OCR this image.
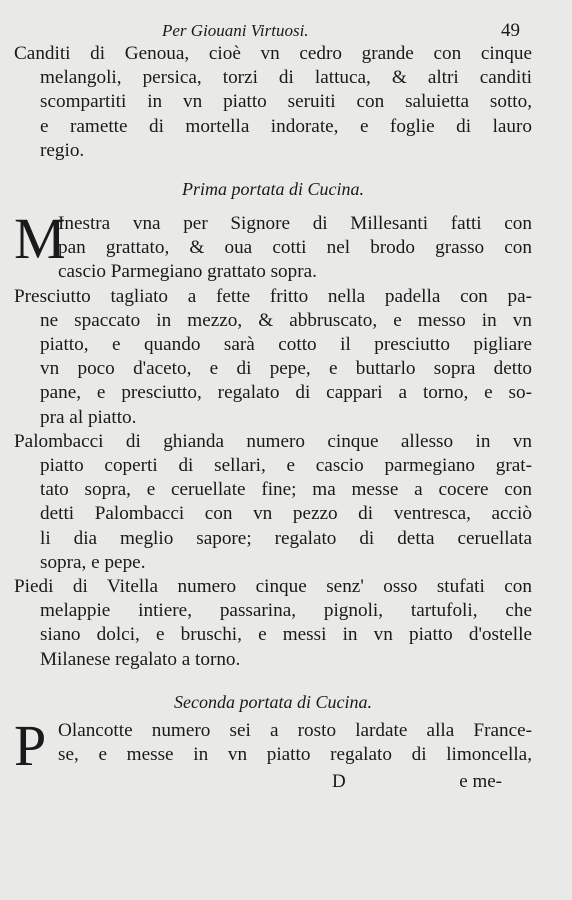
Per Giouani Virtuosi.	49
Canditi di Genoua, cioè vn cedro grande con cinque
melangoli, persica, torzi di lattuca, & altri canditi
scompartiti in vn piatto seruiti con saluietta sotto,
e ramette di mortella indorate, e foglie di lauro
regio.
Prima portata di Cucina.
M
Inestra vna per Signore di Millesanti fatti con
pan grattato, & oua cotti nel brodo grasso con
cascio Parmegiano grattato sopra.
Presciutto tagliato a fette fritto nella padella con pa-
ne spaccato in mezzo, & abbruscato, e messo in vn
piatto, e quando sarà cotto il presciutto pigliare
vn poco d'aceto, e di pepe, e buttarlo sopra detto
pane, e presciutto, regalato di cappari a torno, e so-
pra al piatto.
Palombacci di ghianda numero cinque allesso in vn
piatto coperti di sellari, e cascio parmegiano grat-
tato sopra, e ceruellate fine; ma messe a cocere con
detti Palombacci con vn pezzo di ventresca, acciò
li dia meglio sapore; regalato di detta ceruellata
sopra, e pepe.
Piedi di Vitella numero cinque senz' osso stufati con
melappie intiere, passarina, pignoli, tartufoli, che
siano dolci, e bruschi, e messi in vn piatto d'ostelle
Milanese regalato a torno.
Seconda portata di Cucina.
P Olancotte numero sei a rosto lardate alla France-
se, e messe in vn piatto regalato di limoncella,
D	e me-
